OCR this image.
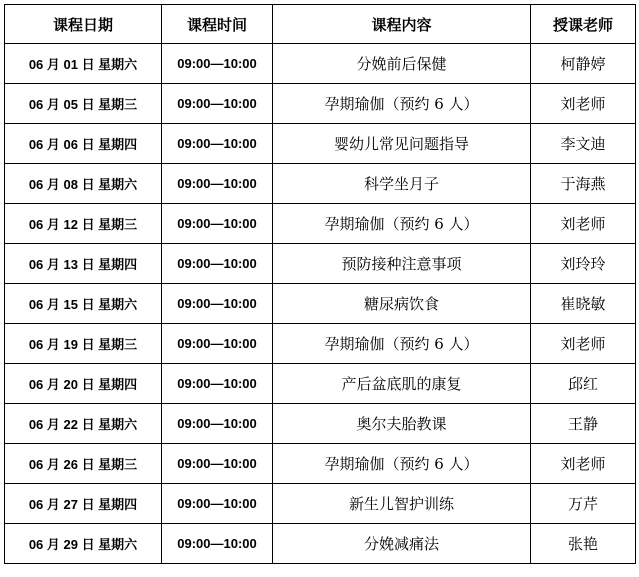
课程日期	课程时间	课程内容	授课老师
06 月 01 日 星期六	09:00—10:00	分娩前后保健	柯静婷
06 月 05 日 星期三	09:00—10:00	孕期瑜伽（预约 6 人）	刘老师
06 月 06 日 星期四	09:00—10:00	婴幼儿常见问题指导	李文迪
06 月 08 日 星期六	09:00—10:00	科学坐月子	于海燕
06 月 12 日 星期三	09:00—10:00	孕期瑜伽（预约 6 人）	刘老师
06 月 13 日 星期四	09:00—10:00	预防接种注意事项	刘玲玲
06 月 15 日 星期六	09:00—10:00	糖尿病饮食	崔晓敏
06 月 19 日 星期三	09:00—10:00	孕期瑜伽（预约 6 人）	刘老师
06 月 20 日 星期四	09:00—10:00	产后盆底肌的康复	邱红
06 月 22 日 星期六	09:00—10:00	奥尔夫胎教课	王静
06 月 26 日 星期三	09:00—10:00	孕期瑜伽（预约 6 人）	刘老师
06 月 27 日 星期四	09:00—10:00	新生儿智护训练	万芹
06 月 29 日 星期六	09:00—10:00	分娩减痛法	张艳
